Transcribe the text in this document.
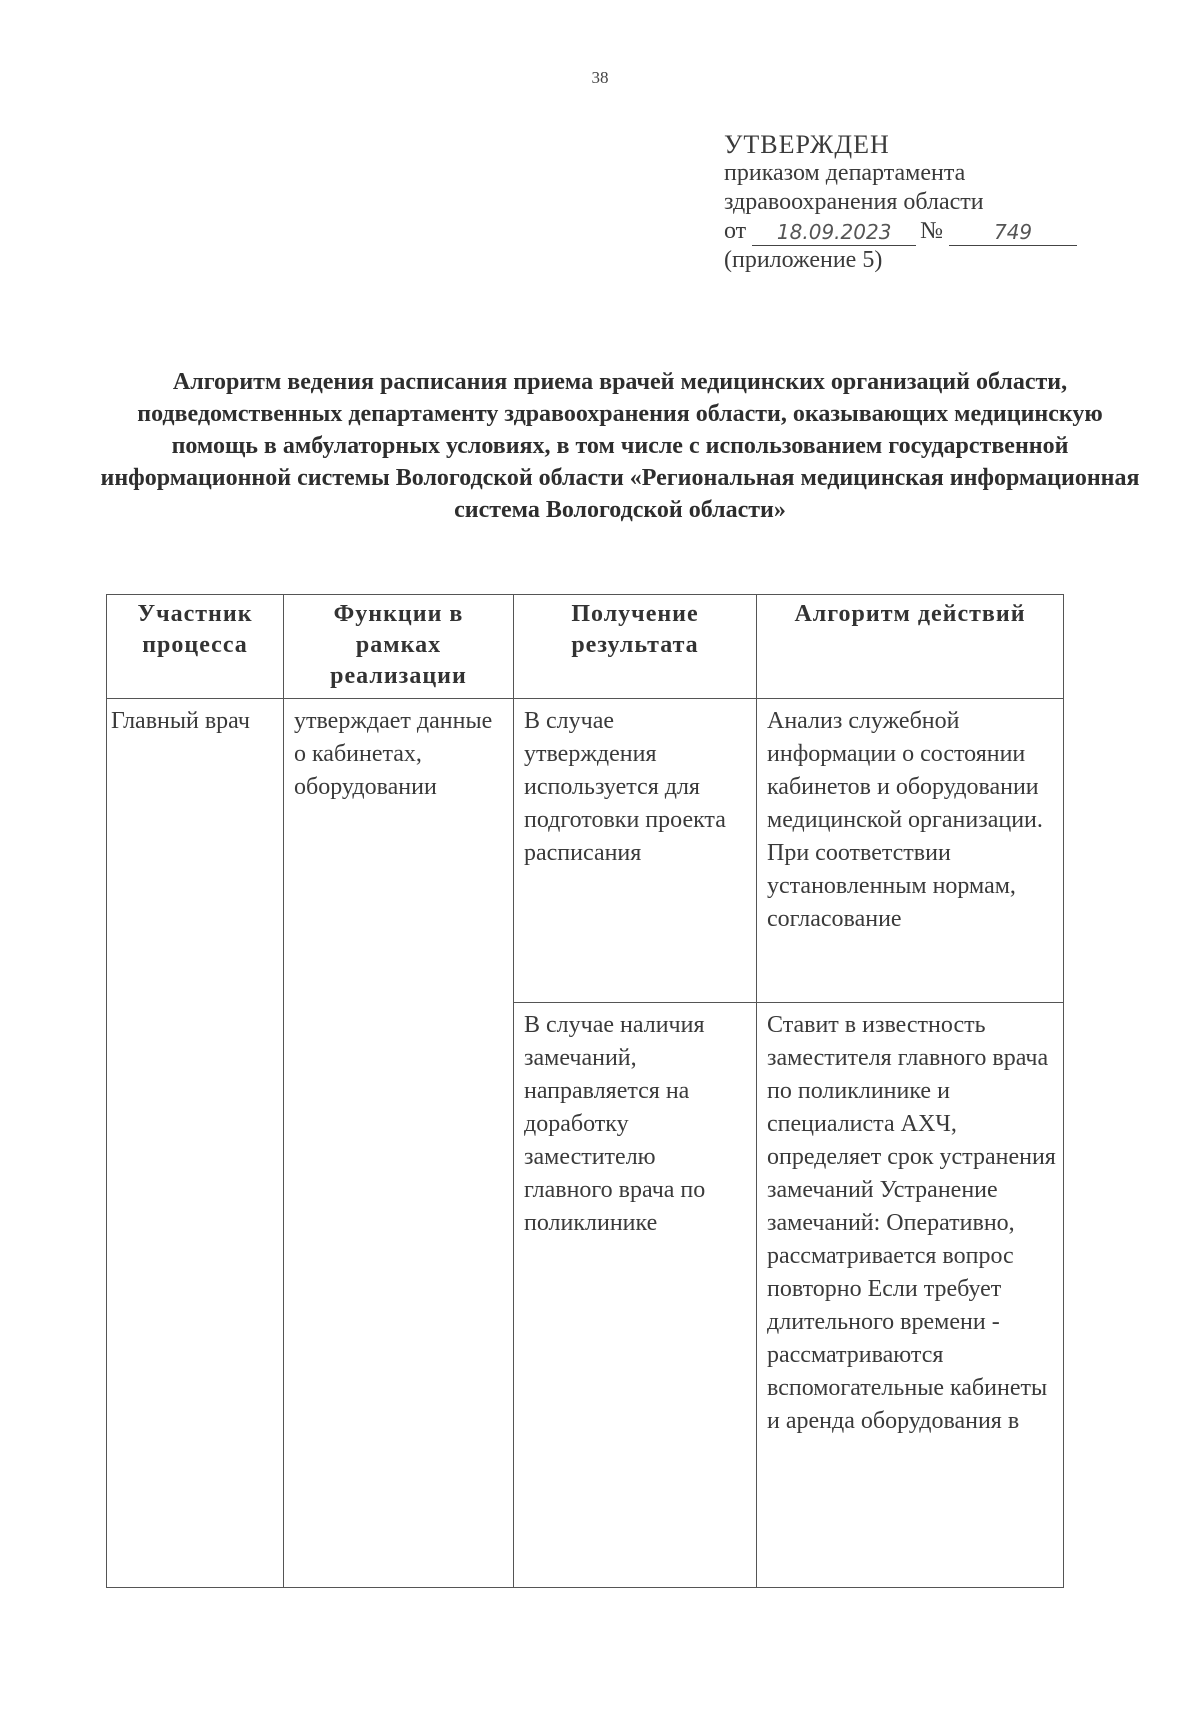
38
УТВЕРЖДЕН
приказом департамента
здравоохранения области
от	18.09.2023	№	749
(приложение 5)
Алгоритм ведения расписания приема врачей медицинских организаций области, подведомственных департаменту здравоохранения области, оказывающих медицинскую помощь в амбулаторных условиях, в том числе с использованием государственной информационной системы Вологодской области «Региональная медицинская информационная система Вологодской области»
Участник процесса	Функции в рамках реализации	Получение результата	Алгоритм действий
Главный врач	утверждает данные о кабинетах, оборудовании	В случае утверждения используется для подготовки проекта расписания	Анализ служебной информации о состоянии кабинетов и оборудовании медицинской организации. При соответствии установленным нормам, согласование
		В случае наличия замечаний, направляется на доработку заместителю главного врача по поликлинике	Ставит в известность заместителя главного врача по поликлинике и специалиста АХЧ, определяет срок устранения замечаний Устранение замечаний: Оперативно, рассматривается вопрос повторно Если требует длительного времени - рассматриваются вспомогательные кабинеты и аренда оборудования в
